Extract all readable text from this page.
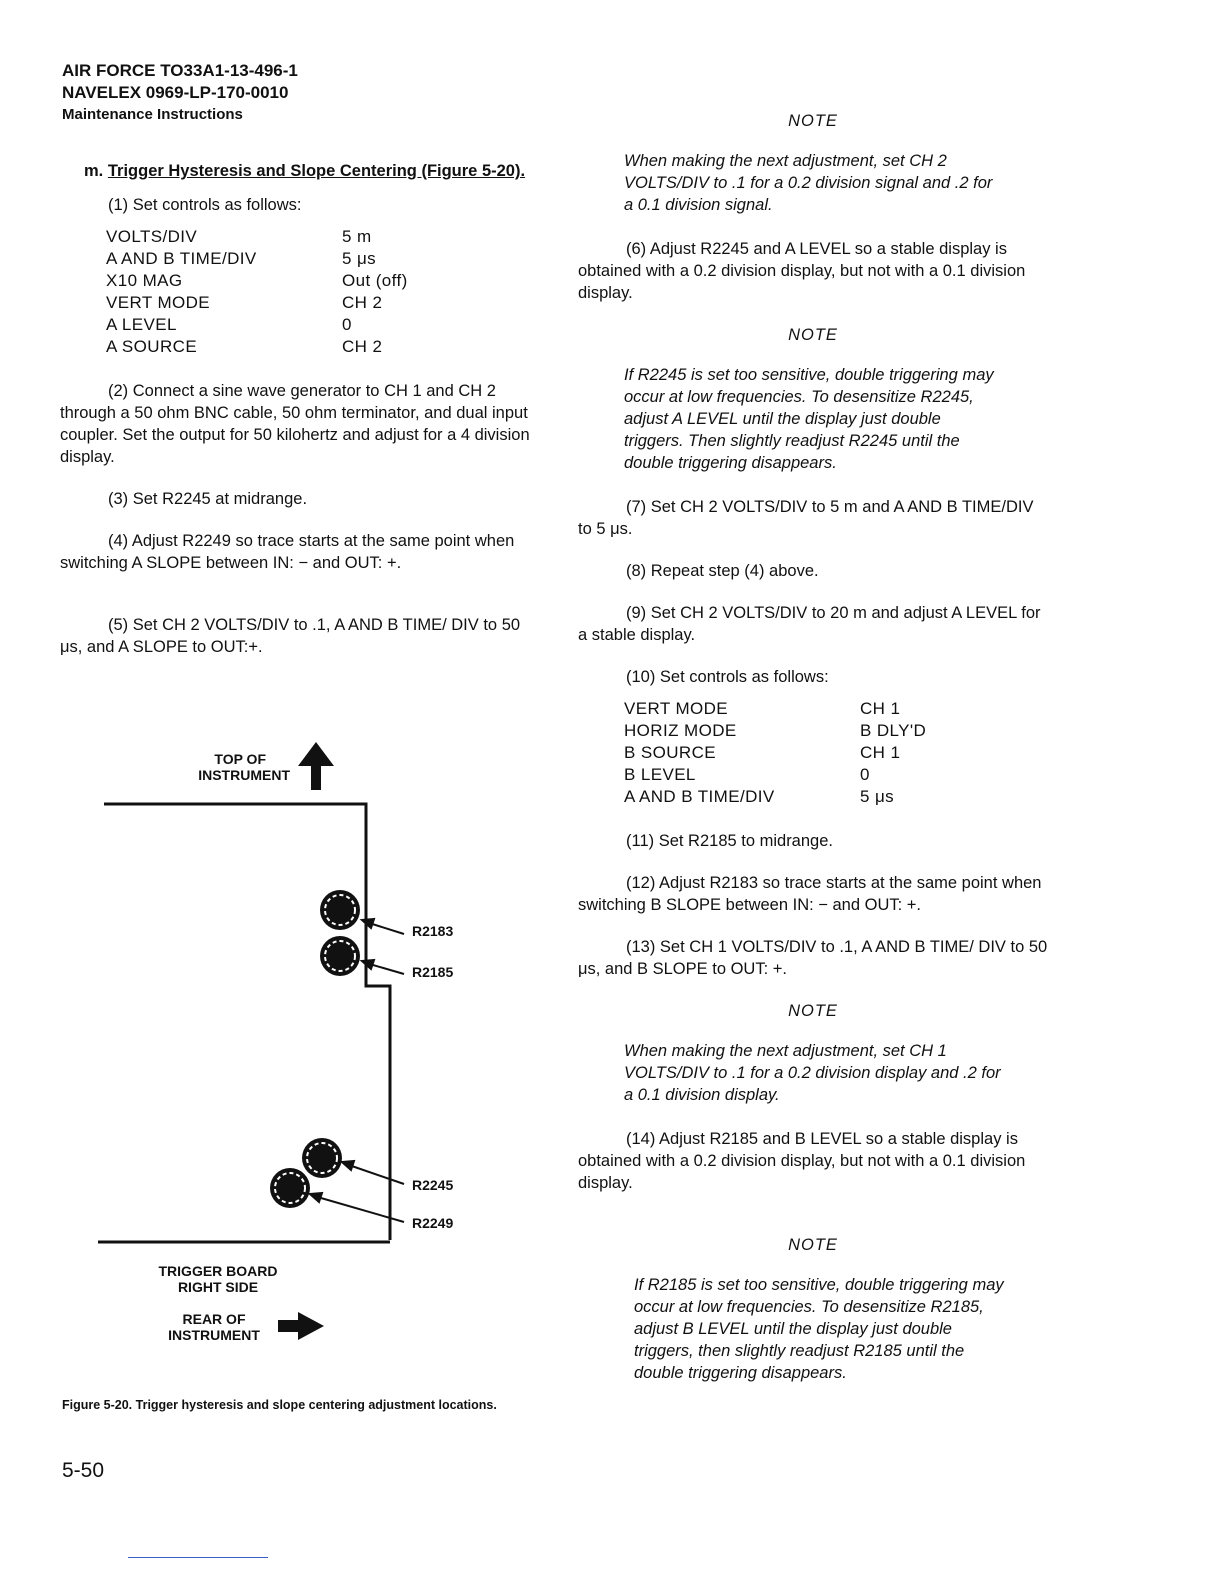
AIR FORCE TO33A1-13-496-1
NAVELEX 0969-LP-170-0010
Maintenance Instructions
m. Trigger Hysteresis and Slope Centering (Figure 5-20).
(1) Set controls as follows:
VOLTS/DIV	5 m
A AND B TIME/DIV	5 μs
X10 MAG	Out (off)
VERT MODE	CH 2
A LEVEL	0
A SOURCE	CH 2

(2) Connect a sine wave generator to CH 1 and CH 2 through a 50 ohm BNC cable, 50 ohm terminator, and dual input coupler. Set the output for 50 kilohertz and adjust for a 4 division display.

(3) Set R2245 at midrange.

(4) Adjust R2249 so trace starts at the same point when switching A SLOPE between IN: − and OUT: +.

(5) Set CH 2 VOLTS/DIV to .1, A AND B TIME/ DIV to 50 μs, and A SLOPE to OUT:+.

TOP OF
INSTRUMENT
R2183
R2185
R2245
R2249
TRIGGER BOARD
RIGHT SIDE
REAR OF
INSTRUMENT
Figure 5-20. Trigger hysteresis and slope centering adjustment locations.
NOTE
When making the next adjustment, set CH 2 VOLTS/DIV to .1 for a 0.2 division signal and .2 for a 0.1 division signal.

(6) Adjust R2245 and A LEVEL so a stable display is obtained with a 0.2 division display, but not with a 0.1 division display.

NOTE
If R2245 is set too sensitive, double triggering may occur at low frequencies. To desensitize R2245, adjust A LEVEL until the display just double triggers. Then slightly readjust R2245 until the double triggering disappears.

(7) Set CH 2 VOLTS/DIV to 5 m and A AND B TIME/DIV to 5 μs.

(8) Repeat step (4) above.

(9) Set CH 2 VOLTS/DIV to 20 m and adjust A LEVEL for a stable display.

(10) Set controls as follows:
VERT MODE	CH 1
HORIZ MODE	B DLY'D
B SOURCE	CH 1
B LEVEL	0
A AND B TIME/DIV	5 μs

(11) Set R2185 to midrange.

(12) Adjust R2183 so trace starts at the same point when switching B SLOPE between IN: − and OUT: +.

(13) Set CH 1 VOLTS/DIV to .1, A AND B TIME/ DIV to 50 μs, and B SLOPE to OUT: +.

NOTE
When making the next adjustment, set CH 1 VOLTS/DIV to .1 for a 0.2 division display and .2 for a 0.1 division display.

(14) Adjust R2185 and B LEVEL so a stable display is obtained with a 0.2 division display, but not with a 0.1 division display.

NOTE
If R2185 is set too sensitive, double triggering may occur at low frequencies. To desensitize R2185, adjust B LEVEL until the display just double triggers, then slightly readjust R2185 until the double triggering disappears.
5-50
